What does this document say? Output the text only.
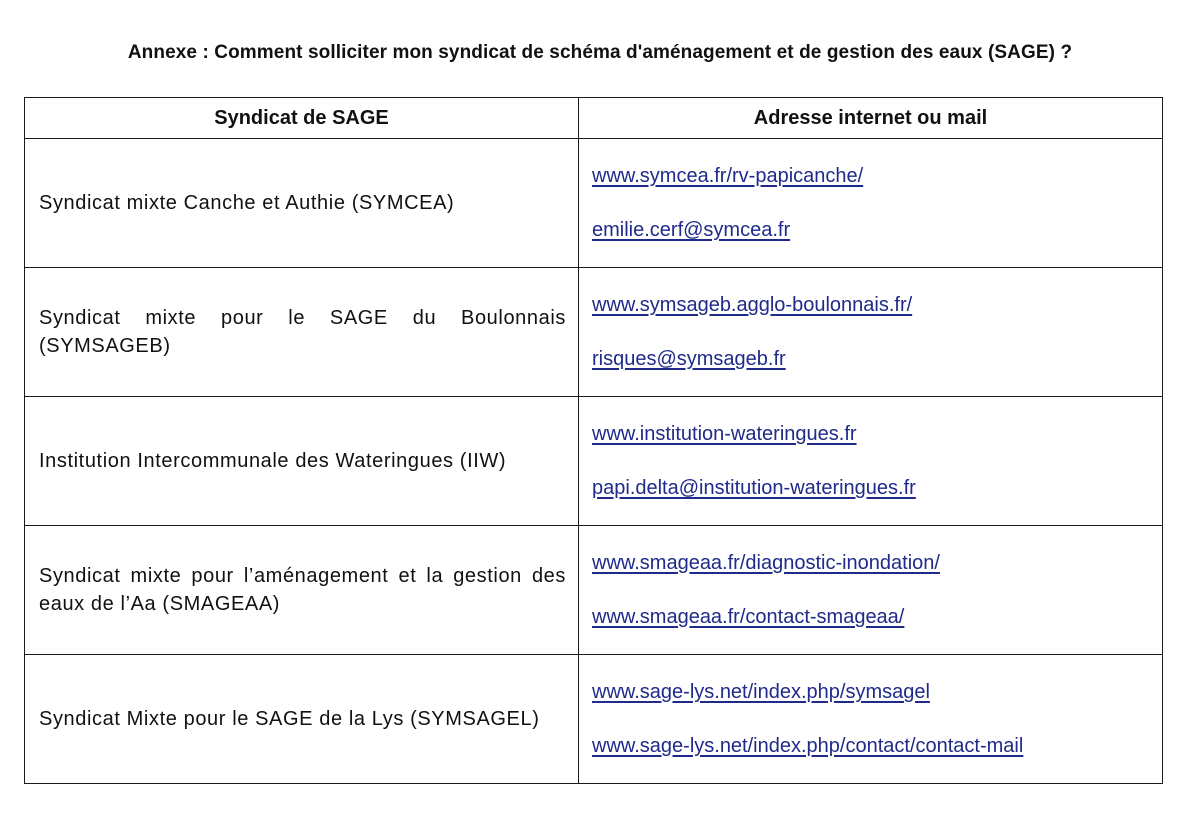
Annexe : Comment solliciter mon syndicat de schéma d'aménagement et de gestion des eaux (SAGE) ?
Syndicat de SAGE	Adresse internet ou mail
Syndicat mixte Canche et Authie (SYMCEA)	www.symcea.fr/rv-papicanche/
emilie.cerf@symcea.fr

Syndicat mixte pour le SAGE du Boulonnais (SYMSAGEB)	www.symsageb.agglo-boulonnais.fr/
risques@symsageb.fr

Institution Intercommunale des Wateringues (IIW)	www.institution-wateringues.fr
papi.delta@institution-wateringues.fr

Syndicat mixte pour l’aménagement et la gestion des eaux de l’Aa (SMAGEAA)	www.smageaa.fr/diagnostic-inondation/
www.smageaa.fr/contact-smageaa/

Syndicat Mixte pour le SAGE de la Lys (SYMSAGEL)	www.sage-lys.net/index.php/symsagel
www.sage-lys.net/index.php/contact/contact-mail
